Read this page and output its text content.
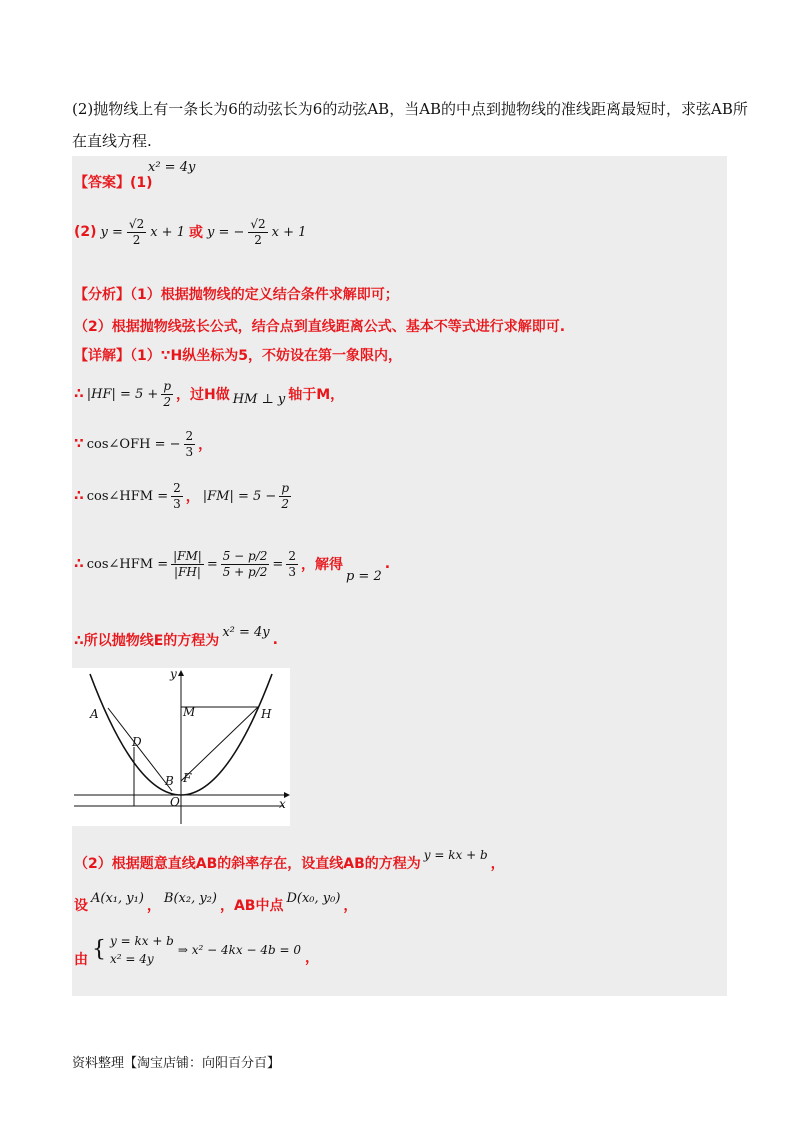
(2)抛物线上有一条长为6的动弦长为6的动弦AB，当AB的中点到抛物线的准线距离最短时，求弦AB所
在直线方程.
【答案】(1)
x² = 4y
(2) $y = \frac{√2}{2}$ x + 1 或 y = − $\frac{√2}{2}$ x + 1
【分析】（1）根据抛物线的定义结合条件求解即可；
（2）根据抛物线弦长公式，结合点到直线距离公式、基本不等式进行求解即可.
【详解】（1）∵H纵坐标为5，不妨设在第一象限内，
∴ $|HF| = 5 + \frac{p}{2}$ ，过H做 HM ⊥ y 轴于M，
∵ cos∠OFH = − $\frac{2}{3}$ ，
∴ cos∠HFM = $\frac{2}{3}$ ， $|FM| = 5 - \frac{p}{2}$
∴ cos∠HFM = $\frac{|FM|}{|FH|} = \frac{5 - p/2}{5 + p/2} = \frac{2}{3}$ ，解得
p = 2
.
∴所以抛物线E的方程为
x² = 4y .
y
x
A	M	H
D
B F
O
（2）根据题意直线AB的斜率存在，设直线AB的方程为
y = kx + b
，
设 A(x₁, y₁) ， B(x₂, y₂) ，AB中点 D(x₀, y₀) ，
由 { y = kx + b
x² = 4y
⇒ x² − 4kx − 4b = 0 ，
资料整理【淘宝店铺：向阳百分百】
